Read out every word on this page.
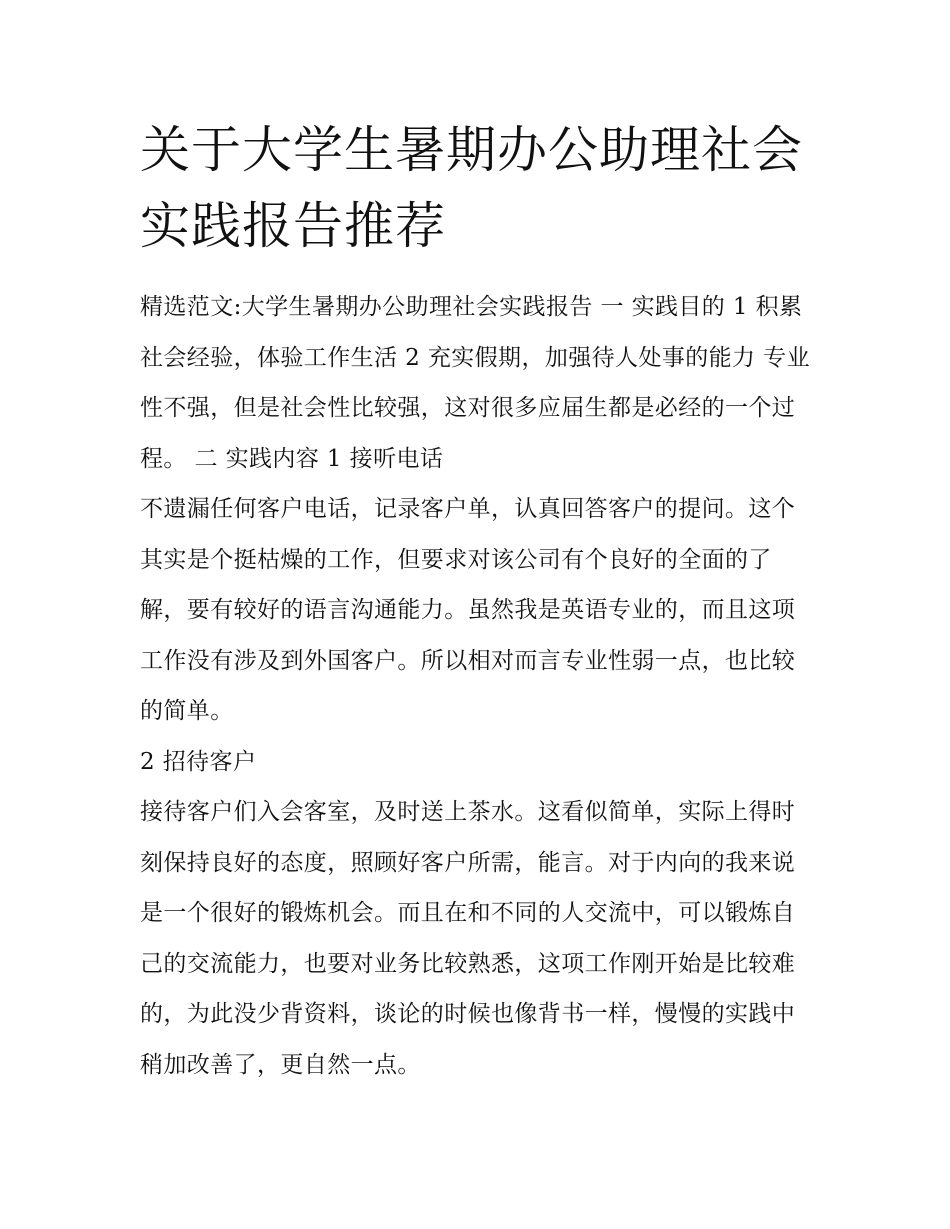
关于大学生暑期办公助理社会实践报告推荐

精选范文:大学生暑期办公助理社会实践报告 一 实践目的 1 积累社会经验，体验工作生活 2 充实假期，加强待人处事的能力 专业性不强，但是社会性比较强，这对很多应届生都是必经的一个过程。 二 实践内容 1 接听电话

不遗漏任何客户电话，记录客户单，认真回答客户的提问。这个其实是个挺枯燥的工作，但要求对该公司有个良好的全面的了解，要有较好的语言沟通能力。虽然我是英语专业的，而且这项工作没有涉及到外国客户。所以相对而言专业性弱一点，也比较的简单。

2 招待客户

接待客户们入会客室，及时送上茶水。这看似简单，实际上得时刻保持良好的态度，照顾好客户所需，能言。对于内向的我来说是一个很好的锻炼机会。而且在和不同的人交流中，可以锻炼自己的交流能力，也要对业务比较熟悉，这项工作刚开始是比较难的，为此没少背资料，谈论的时候也像背书一样，慢慢的实践中稍加改善了，更自然一点。
